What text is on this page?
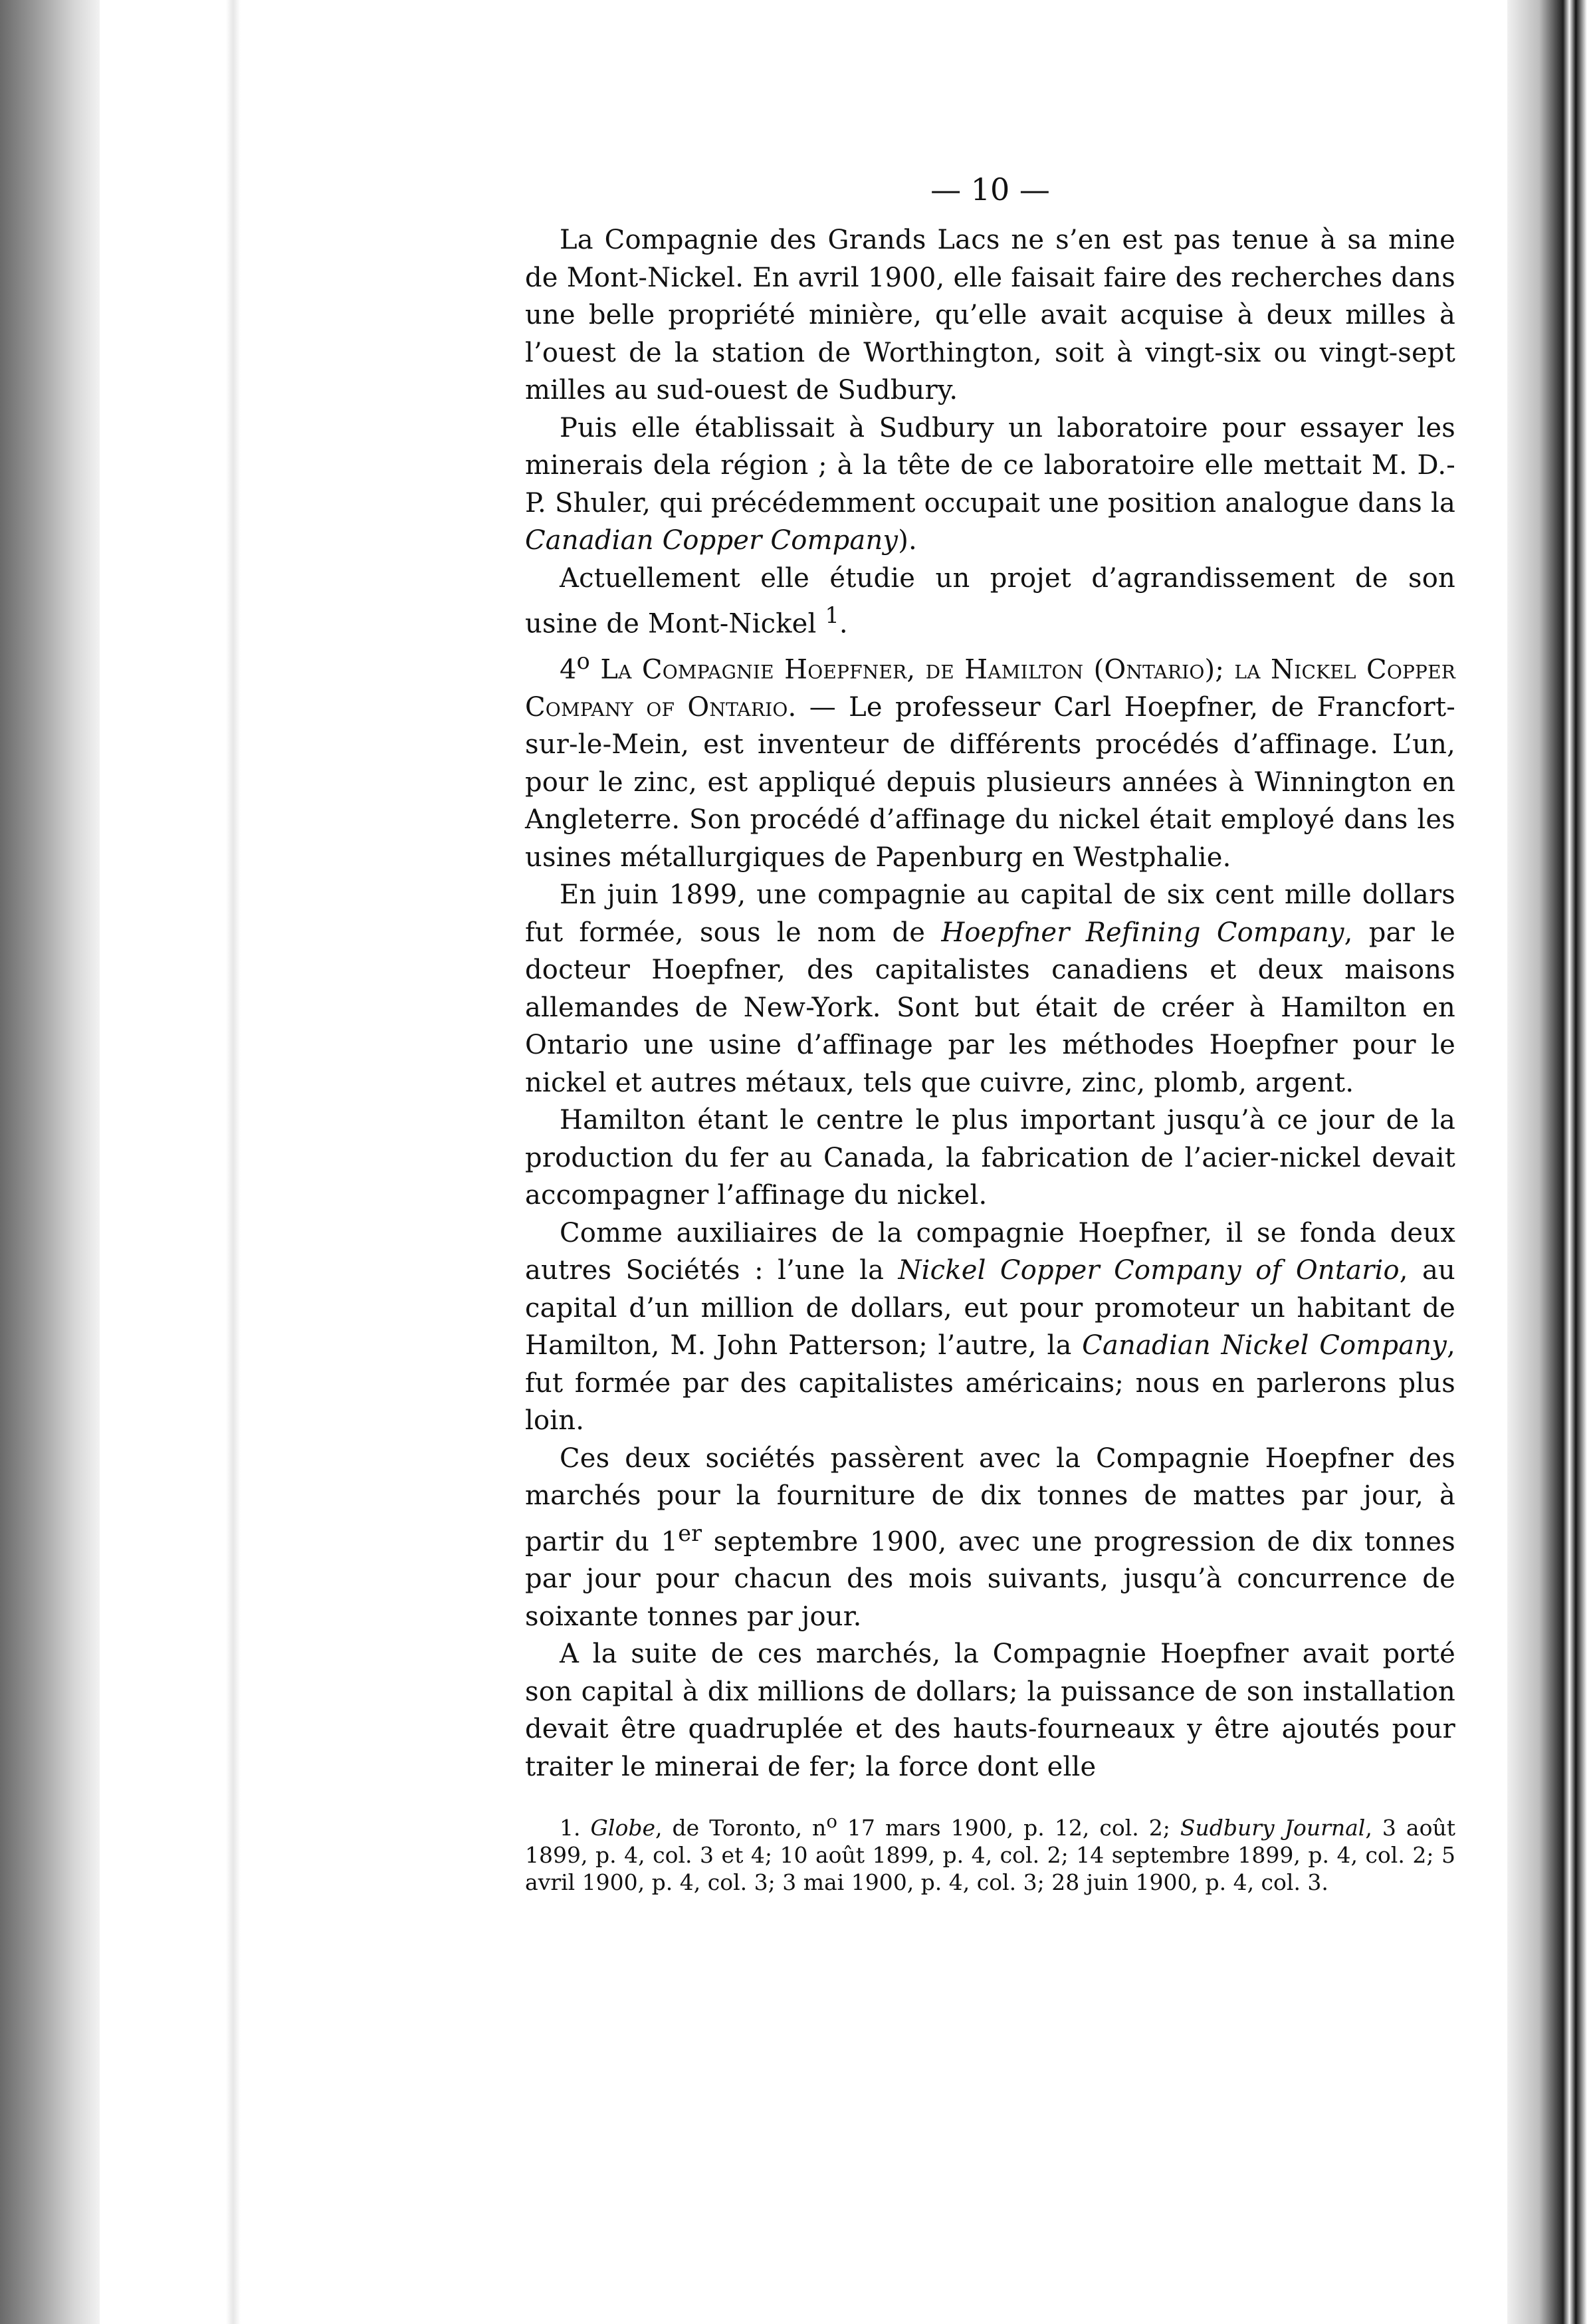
— 10 —

La Compagnie des Grands Lacs ne s’en est pas tenue à sa mine de Mont-Nickel. En avril 1900, elle faisait faire des recherches dans une belle propriété minière, qu’elle avait acquise à deux milles à l’ouest de la station de Worthington, soit à vingt-six ou vingt-sept milles au sud-ouest de Sudbury.

Puis elle établissait à Sudbury un laboratoire pour essayer les minerais dela région ; à la tête de ce laboratoire elle mettait M. D.-P. Shuler, qui précédemment occupait une position analogue dans la Canadian Copper Company).

Actuellement elle étudie un projet d’agrandissement de son usine de Mont-Nickel $^1$.

4$^o$ La Compagnie Hoepfner, de Hamilton (Ontario); la Nickel Copper Company of Ontario. — Le professeur Carl Hoepfner, de Francfort-sur-le-Mein, est inventeur de différents procédés d’affinage. L’un, pour le zinc, est appliqué depuis plusieurs années à Winnington en Angleterre. Son procédé d’affinage du nickel était employé dans les usines métallurgiques de Papenburg en Westphalie.

En juin 1899, une compagnie au capital de six cent mille dollars fut formée, sous le nom de Hoepfner Refining Company, par le docteur Hoepfner, des capitalistes canadiens et deux maisons allemandes de New-York. Sont but était de créer à Hamilton en Ontario une usine d’affinage par les méthodes Hoepfner pour le nickel et autres métaux, tels que cuivre, zinc, plomb, argent.

Hamilton étant le centre le plus important jusqu’à ce jour de la production du fer au Canada, la fabrication de l’acier-nickel devait accompagner l’affinage du nickel.

Comme auxiliaires de la compagnie Hoepfner, il se fonda deux autres Sociétés : l’une la Nickel Copper Company of Ontario, au capital d’un million de dollars, eut pour promoteur un habitant de Hamilton, M. John Patterson; l’autre, la Canadian Nickel Company, fut formée par des capitalistes américains; nous en parlerons plus loin.

Ces deux sociétés passèrent avec la Compagnie Hoepfner des marchés pour la fourniture de dix tonnes de mattes par jour, à partir du 1er septembre 1900, avec une progression de dix tonnes par jour pour chacun des mois suivants, jusqu’à concurrence de soixante tonnes par jour.

A la suite de ces marchés, la Compagnie Hoepfner avait porté son capital à dix millions de dollars; la puissance de son installation devait être quadruplée et des hauts-fourneaux y être ajoutés pour traiter le minerai de fer; la force dont elle

1. Globe, de Toronto, $n^o$ 17 mars 1900, p. 12, col. 2; Sudbury Journal, 3 août 1899, p. 4, col. 3 et 4; 10 août 1899, p. 4, col. 2; 14 septembre 1899, p. 4, col. 2; 5 avril 1900, p. 4, col. 3; 3 mai 1900, p. 4, col. 3; 28 juin 1900, p. 4, col. 3.
